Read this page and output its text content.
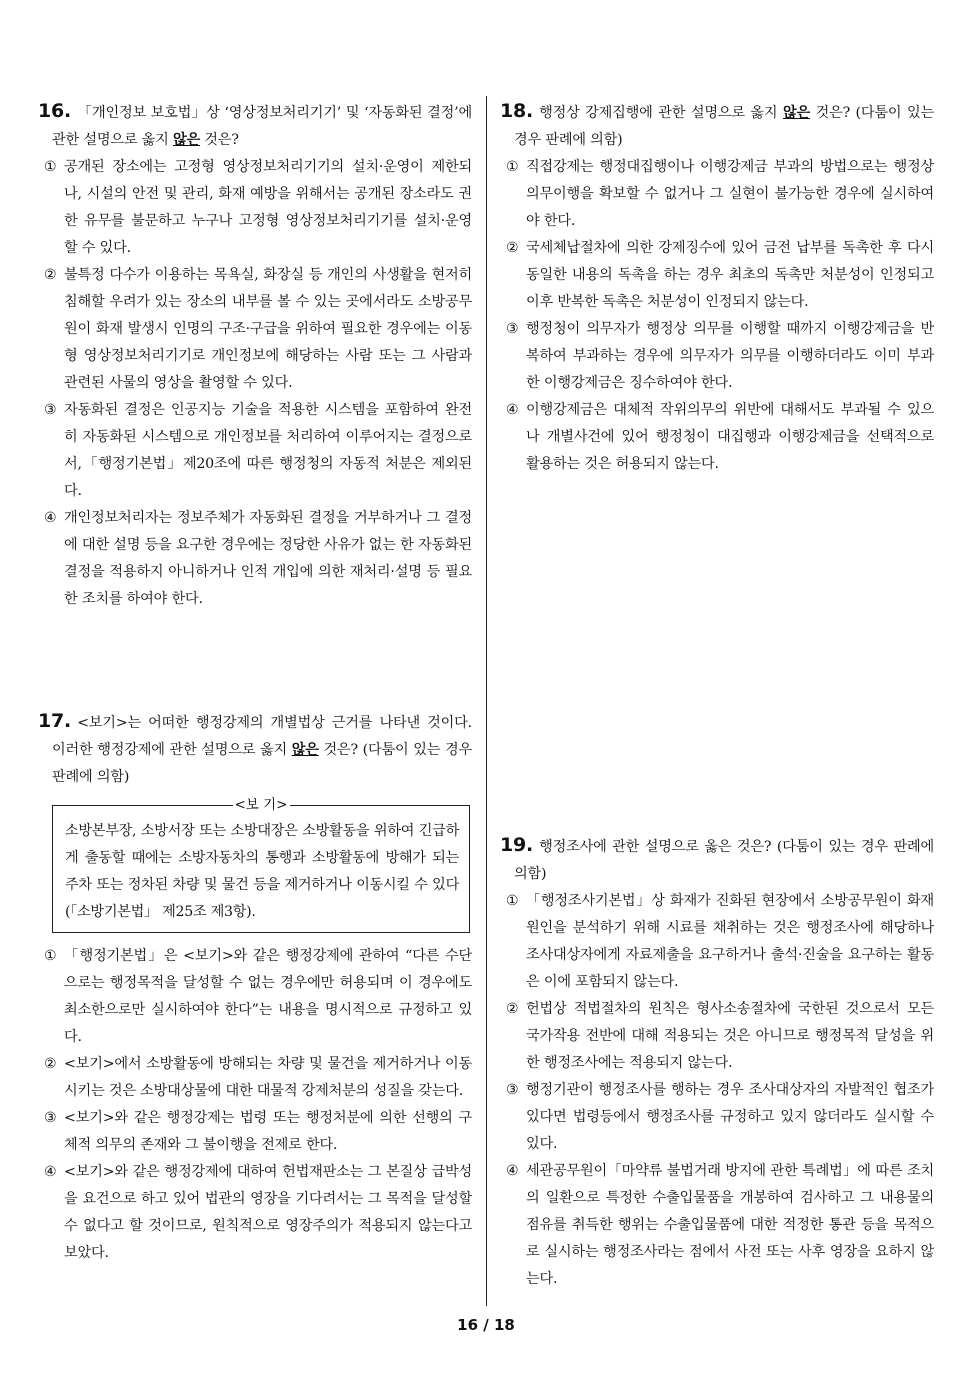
16. 「개인정보 보호법」상 ‘영상정보처리기기’ 및 ‘자동화된 결정’에 관한 설명으로 옳지 않은 것은?
① 공개된 장소에는 고정형 영상정보처리기기의 설치·운영이 제한되나, 시설의 안전 및 관리, 화재 예방을 위해서는 공개된 장소라도 권한 유무를 불문하고 누구나 고정형 영상정보처리기기를 설치·운영할 수 있다.
② 불특정 다수가 이용하는 목욕실, 화장실 등 개인의 사생활을 현저히 침해할 우려가 있는 장소의 내부를 볼 수 있는 곳에서라도 소방공무원이 화재 발생시 인명의 구조·구급을 위하여 필요한 경우에는 이동형 영상정보처리기기로 개인정보에 해당하는 사람 또는 그 사람과 관련된 사물의 영상을 촬영할 수 있다.
③ 자동화된 결정은 인공지능 기술을 적용한 시스템을 포함하여 완전히 자동화된 시스템으로 개인정보를 처리하여 이루어지는 결정으로서,「행정기본법」제20조에 따른 행정청의 자동적 처분은 제외된다.
④ 개인정보처리자는 정보주체가 자동화된 결정을 거부하거나 그 결정에 대한 설명 등을 요구한 경우에는 정당한 사유가 없는 한 자동화된 결정을 적용하지 아니하거나 인적 개입에 의한 재처리·설명 등 필요한 조치를 하여야 한다.
17. <보기>는 어떠한 행정강제의 개별법상 근거를 나타낸 것이다. 이러한 행정강제에 관한 설명으로 옳지 않은 것은? (다툼이 있는 경우 판례에 의함)
<보 기>
소방본부장, 소방서장 또는 소방대장은 소방활동을 위하여 긴급하게 출동할 때에는 소방자동차의 통행과 소방활동에 방해가 되는 주차 또는 정차된 차량 및 물건 등을 제거하거나 이동시킬 수 있다(「소방기본법」 제25조 제3항).
① 「행정기본법」은 <보기>와 같은 행정강제에 관하여 “다른 수단으로는 행정목적을 달성할 수 없는 경우에만 허용되며 이 경우에도 최소한으로만 실시하여야 한다”는 내용을 명시적으로 규정하고 있다.
② <보기>에서 소방활동에 방해되는 차량 및 물건을 제거하거나 이동시키는 것은 소방대상물에 대한 대물적 강제처분의 성질을 갖는다.
③ <보기>와 같은 행정강제는 법령 또는 행정처분에 의한 선행의 구체적 의무의 존재와 그 불이행을 전제로 한다.
④ <보기>와 같은 행정강제에 대하여 헌법재판소는 그 본질상 급박성을 요건으로 하고 있어 법관의 영장을 기다려서는 그 목적을 달성할 수 없다고 할 것이므로, 원칙적으로 영장주의가 적용되지 않는다고 보았다.
18. 행정상 강제집행에 관한 설명으로 옳지 않은 것은? (다툼이 있는 경우 판례에 의함)
① 직접강제는 행정대집행이나 이행강제금 부과의 방법으로는 행정상 의무이행을 확보할 수 없거나 그 실현이 불가능한 경우에 실시하여야 한다.
② 국세체납절차에 의한 강제징수에 있어 금전 납부를 독촉한 후 다시 동일한 내용의 독촉을 하는 경우 최초의 독촉만 처분성이 인정되고 이후 반복한 독촉은 처분성이 인정되지 않는다.
③ 행정청이 의무자가 행정상 의무를 이행할 때까지 이행강제금을 반복하여 부과하는 경우에 의무자가 의무를 이행하더라도 이미 부과한 이행강제금은 징수하여야 한다.
④ 이행강제금은 대체적 작위의무의 위반에 대해서도 부과될 수 있으나 개별사건에 있어 행정청이 대집행과 이행강제금을 선택적으로 활용하는 것은 허용되지 않는다.
19. 행정조사에 관한 설명으로 옳은 것은? (다툼이 있는 경우 판례에 의함)
① 「행정조사기본법」상 화재가 진화된 현장에서 소방공무원이 화재 원인을 분석하기 위해 시료를 채취하는 것은 행정조사에 해당하나 조사대상자에게 자료제출을 요구하거나 출석·진술을 요구하는 활동은 이에 포함되지 않는다.
② 헌법상 적법절차의 원칙은 형사소송절차에 국한된 것으로서 모든 국가작용 전반에 대해 적용되는 것은 아니므로 행정목적 달성을 위한 행정조사에는 적용되지 않는다.
③ 행정기관이 행정조사를 행하는 경우 조사대상자의 자발적인 협조가 있다면 법령등에서 행정조사를 규정하고 있지 않더라도 실시할 수 있다.
④ 세관공무원이「마약류 불법거래 방지에 관한 특례법」에 따른 조치의 일환으로 특정한 수출입물품을 개봉하여 검사하고 그 내용물의 점유를 취득한 행위는 수출입물품에 대한 적정한 통관 등을 목적으로 실시하는 행정조사라는 점에서 사전 또는 사후 영장을 요하지 않는다.
16 / 18
